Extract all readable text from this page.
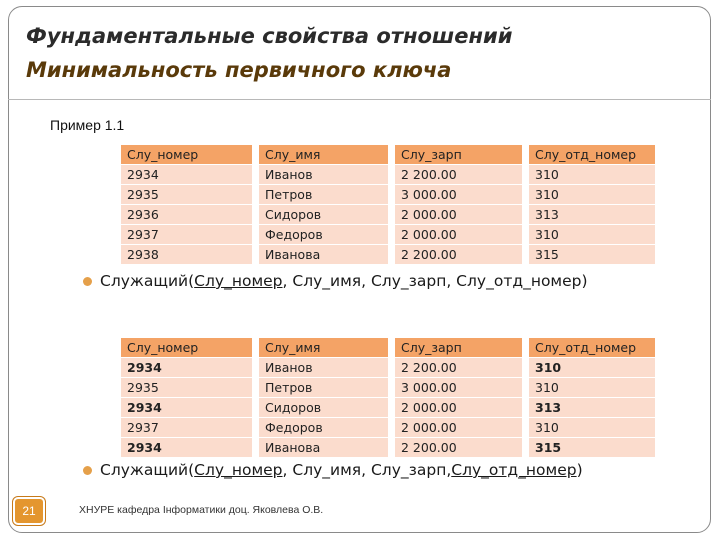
Фундаментальные свойства отношений
Минимальность первичного ключа
Пример 1.1
Слу_номер	Слу_имя	Слу_зарп	Слу_отд_номер
2934	Иванов	2 200.00	310
2935	Петров	3 000.00	310
2936	Сидоров	2 000.00	313
2937	Федоров	2 000.00	310
2938	Иванова	2 200.00	315
Служащий( Слу_номер , Слу_имя, Слу_зарп, Слу_отд_номер)
Слу_номер	Слу_имя	Слу_зарп	Слу_отд_номер
2934	Иванов	2 200.00	310
2935	Петров	3 000.00	310
2934	Сидоров	2 000.00	313
2937	Федоров	2 000.00	310
2934	Иванова	2 200.00	315
Служащий( Слу_номер , Слу_имя, Слу_зарп, Слу_отд_номер )
21	ХНУРЕ кафедра Інформатики доц. Яковлева О.В.
